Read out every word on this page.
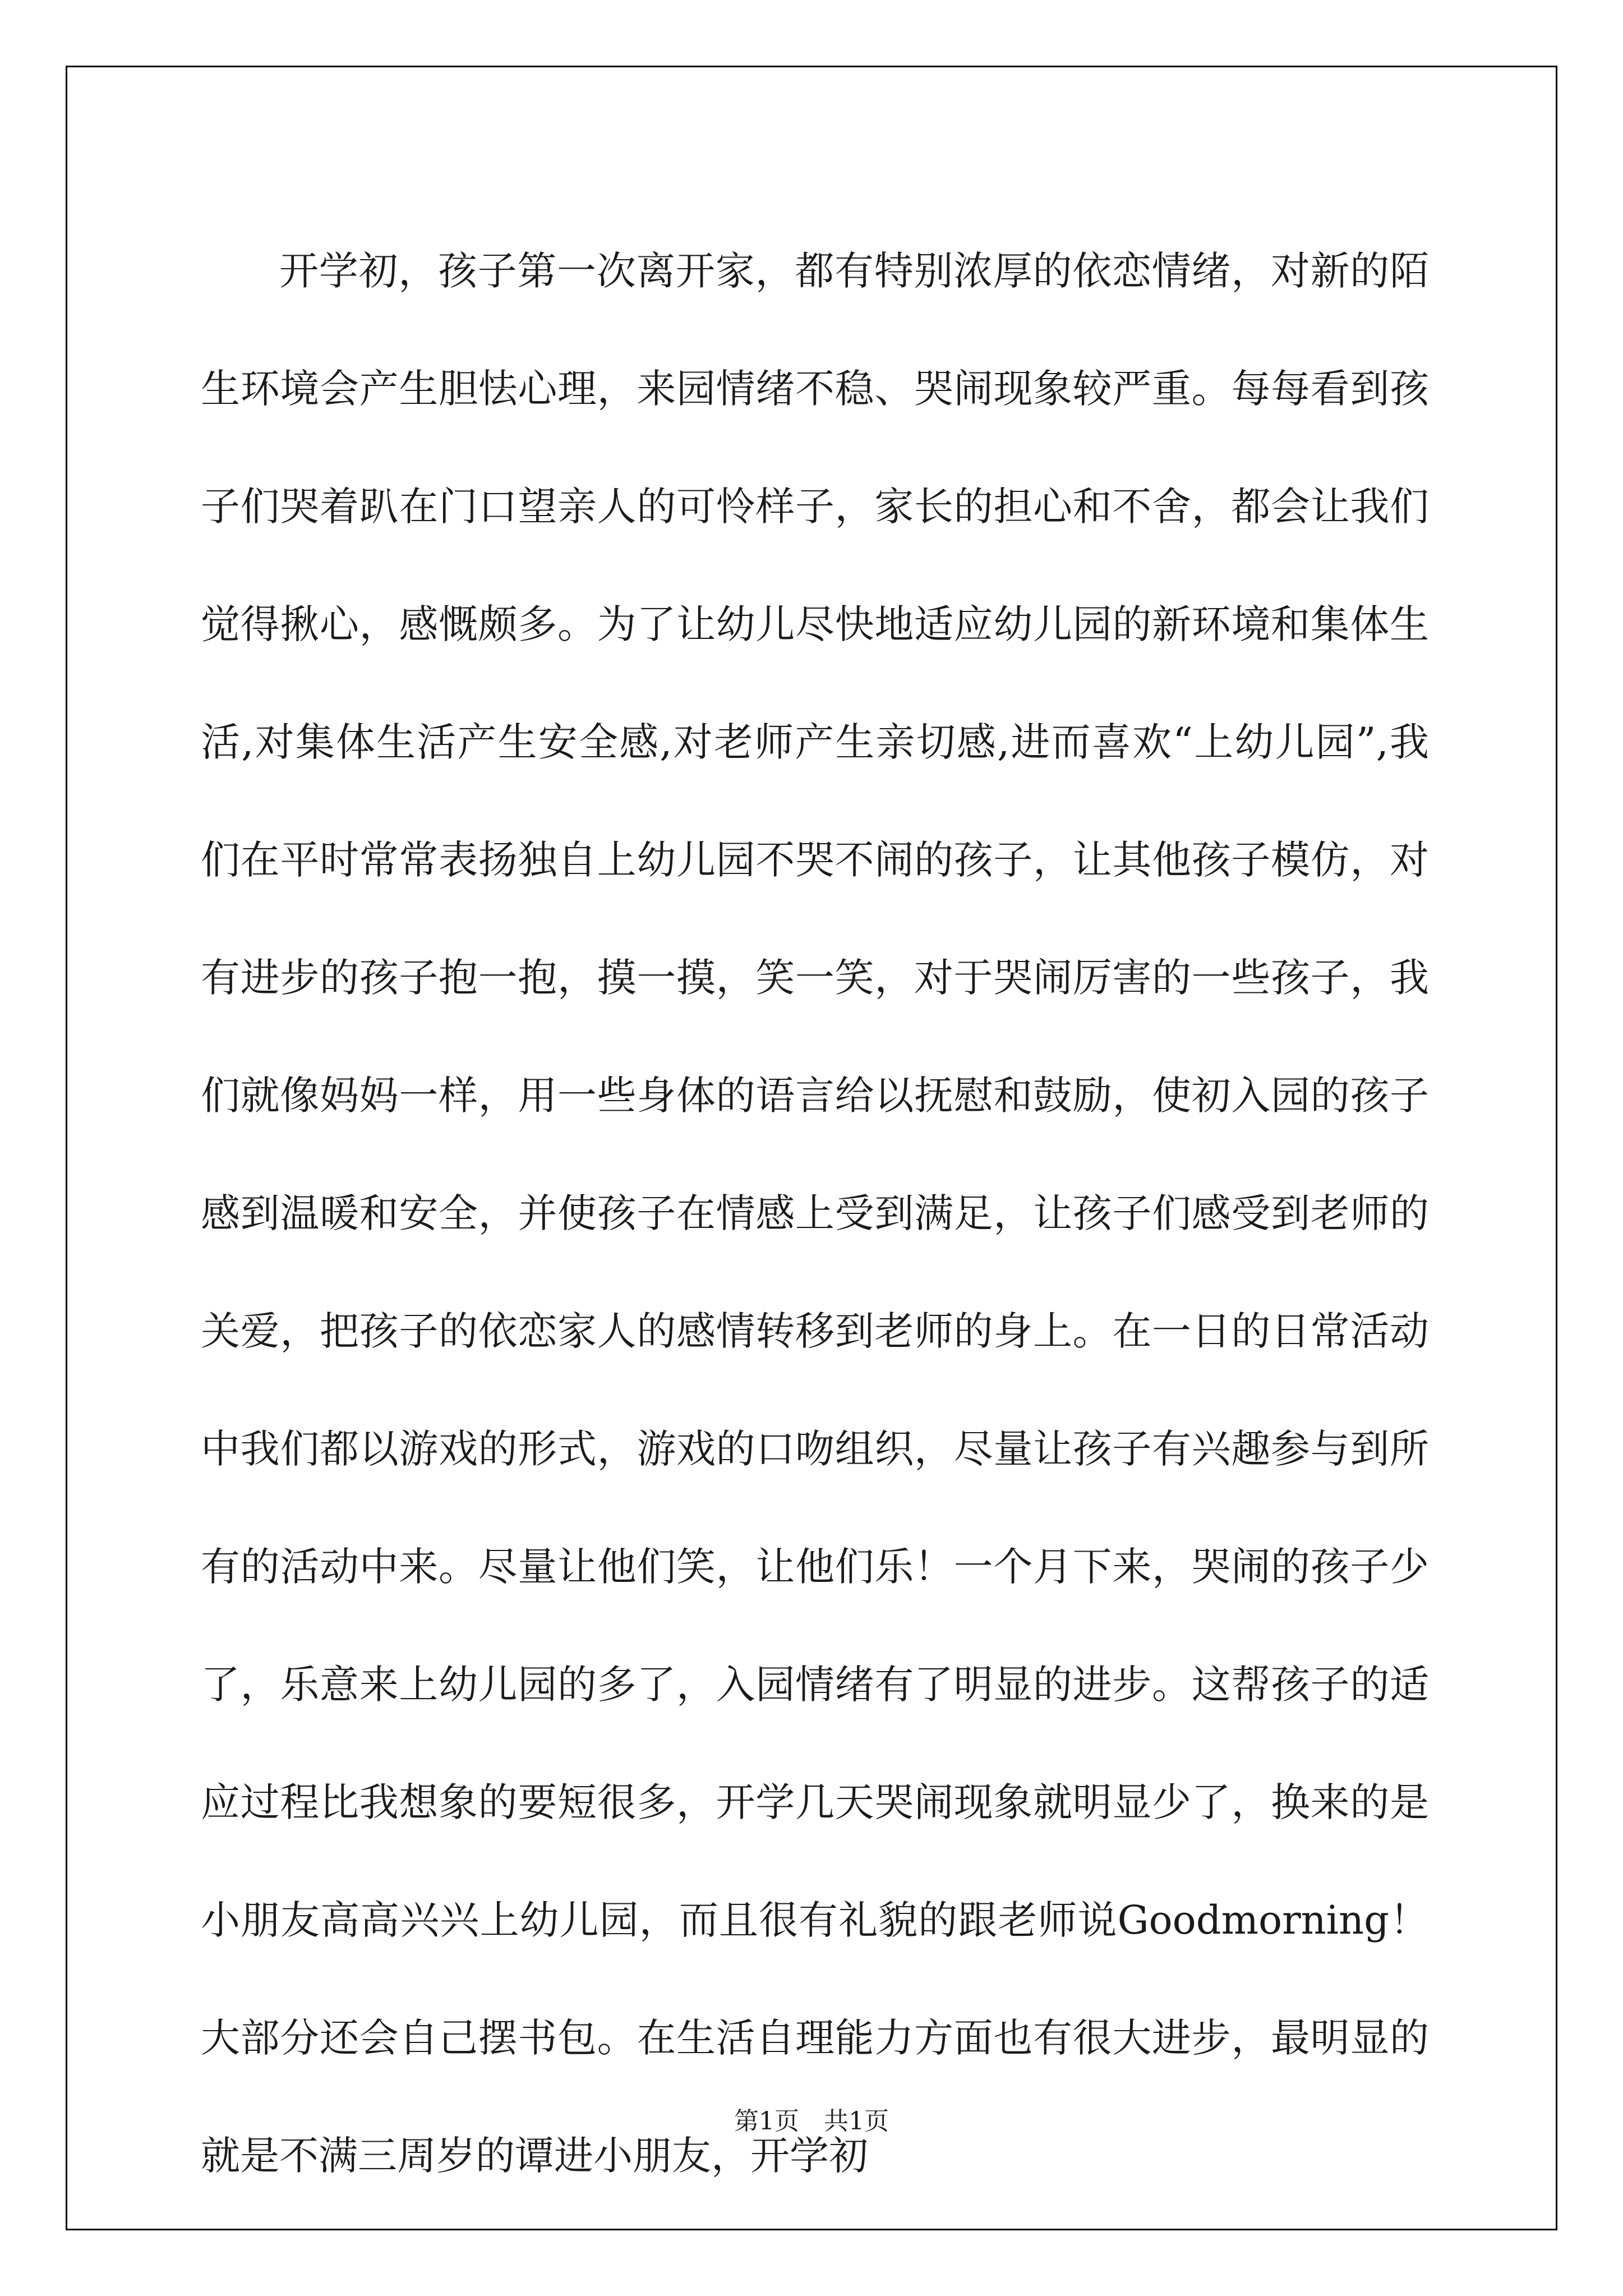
开学初，孩子第一次离开家，都有特别浓厚的依恋情绪，对新的陌生环境会产生胆怯心理，来园情绪不稳、哭闹现象较严重。每每看到孩子们哭着趴在门口望亲人的可怜样子，家长的担心和不舍，都会让我们觉得揪心，感慨颇多。为了让幼儿尽快地适应幼儿园的新环境和集体生活,对集体生活产生安全感,对老师产生亲切感,进而喜欢“上幼儿园”,我们在平时常常表扬独自上幼儿园不哭不闹的孩子，让其他孩子模仿，对有进步的孩子抱一抱，摸一摸，笑一笑，对于哭闹厉害的一些孩子，我们就像妈妈一样，用一些身体的语言给以抚慰和鼓励，使初入园的孩子感到温暖和安全，并使孩子在情感上受到满足，让孩子们感受到老师的关爱，把孩子的依恋家人的感情转移到老师的身上。在一日的日常活动中我们都以游戏的形式，游戏的口吻组织，尽量让孩子有兴趣参与到所有的活动中来。尽量让他们笑，让他们乐！一个月下来，哭闹的孩子少了，乐意来上幼儿园的多了，入园情绪有了明显的进步。这帮孩子的适应过程比我想象的要短很多，开学几天哭闹现象就明显少了，换来的是小朋友高高兴兴上幼儿园，而且很有礼貌的跟老师说Goodmorning！大部分还会自己摆书包。在生活自理能力方面也有很大进步，最明显的就是不满三周岁的谭进小朋友，开学初

第1页　共1页
